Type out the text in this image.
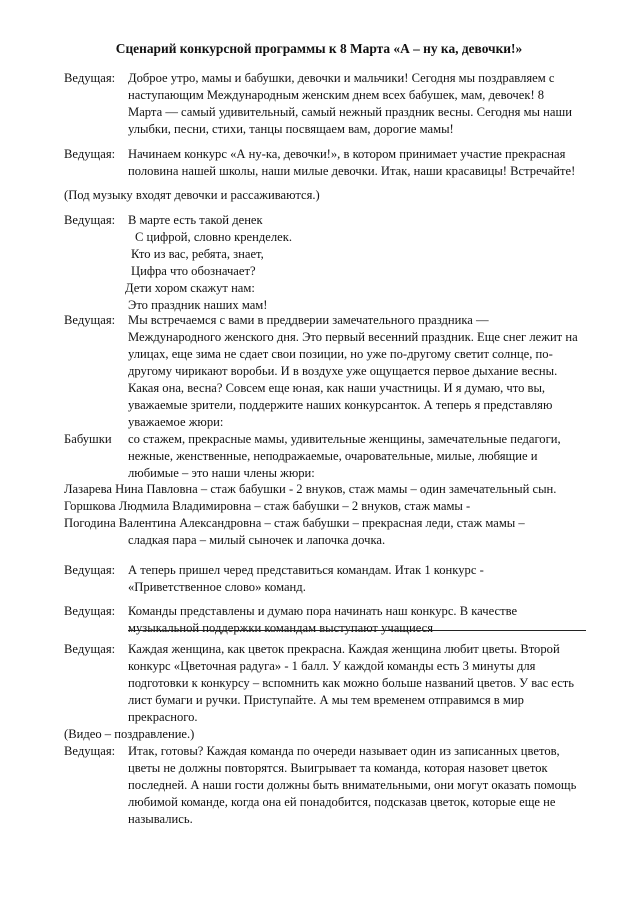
Сценарий конкурсной программы к 8 Марта «А – ну ка, девочки!»
Ведущая: Доброе утро, мамы и бабушки, девочки и мальчики! Сегодня мы поздравляем с
наступающим Международным женским днем всех бабушек, мам, девочек! 8
Марта — самый удивительный, самый нежный праздник весны. Сегодня мы наши
улыбки, песни, стихи, танцы посвящаем вам, дорогие мамы!
Ведущая: Начинаем конкурс «А ну-ка, девочки!», в котором принимает участие прекрасная
половина нашей школы, наши милые девочки. Итак, наши красавицы! Встречайте!
(Под музыку входят девочки и рассаживаются.)
Ведущая: В марте есть такой денек
С цифрой, словно кренделек.
Кто из вас, ребята, знает,
Цифра что обозначает?
Дети хором скажут нам:
Это праздник наших мам!
Ведущая: Мы встречаемся с вами в преддверии замечательного праздника —
Международного женского дня. Это первый весенний праздник. Еще снег лежит на
улицах, еще зима не сдает свои позиции, но уже по-другому светит солнце, по-
другому чирикают воробьи. И в воздухе уже ощущается первое дыхание весны.
Какая она, весна? Совсем еще юная, как наши участницы. И я думаю, что вы,
уважаемые зрители, поддержите наших конкурсанток. А теперь я представляю
уважаемое жюри:
Бабушки со стажем, прекрасные мамы, удивительные женщины, замечательные педагоги,
нежные, женственные, неподражаемые, очаровательные, милые, любящие и
любимые – это наши члены жюри:
Лазарева Нина Павловна – стаж бабушки - 2 внуков, стаж мамы – один замечательный сын.
Горшкова Людмила Владимировна – стаж бабушки – 2 внуков, стаж мамы -
Погодина Валентина Александровна – стаж бабушки – прекрасная леди, стаж мамы –
сладкая пара – милый сыночек и лапочка дочка.
Ведущая: А теперь пришел черед представиться командам. Итак 1 конкурс -
«Приветственное слово» команд.
Ведущая: Команды представлены и думаю пора начинать наш конкурс. В качестве
музыкальной поддержки командам выступают учащиеся
Ведущая: Каждая женщина, как цветок прекрасна. Каждая женщина любит цветы. Второй
конкурс «Цветочная радуга» - 1 балл. У каждой команды есть 3 минуты для
подготовки к конкурсу – вспомнить как можно больше названий цветов. У вас есть
лист бумаги и ручки. Приступайте. А мы тем временем отправимся в мир
прекрасного.
(Видео – поздравление.)
Ведущая: Итак, готовы? Каждая команда по очереди называет один из записанных цветов,
цветы не должны повторятся. Выигрывает та команда, которая назовет цветок
последней. А наши гости должны быть внимательными, они могут оказать помощь
любимой команде, когда она ей понадобится, подсказав цветок, которые еще не
назывались.
